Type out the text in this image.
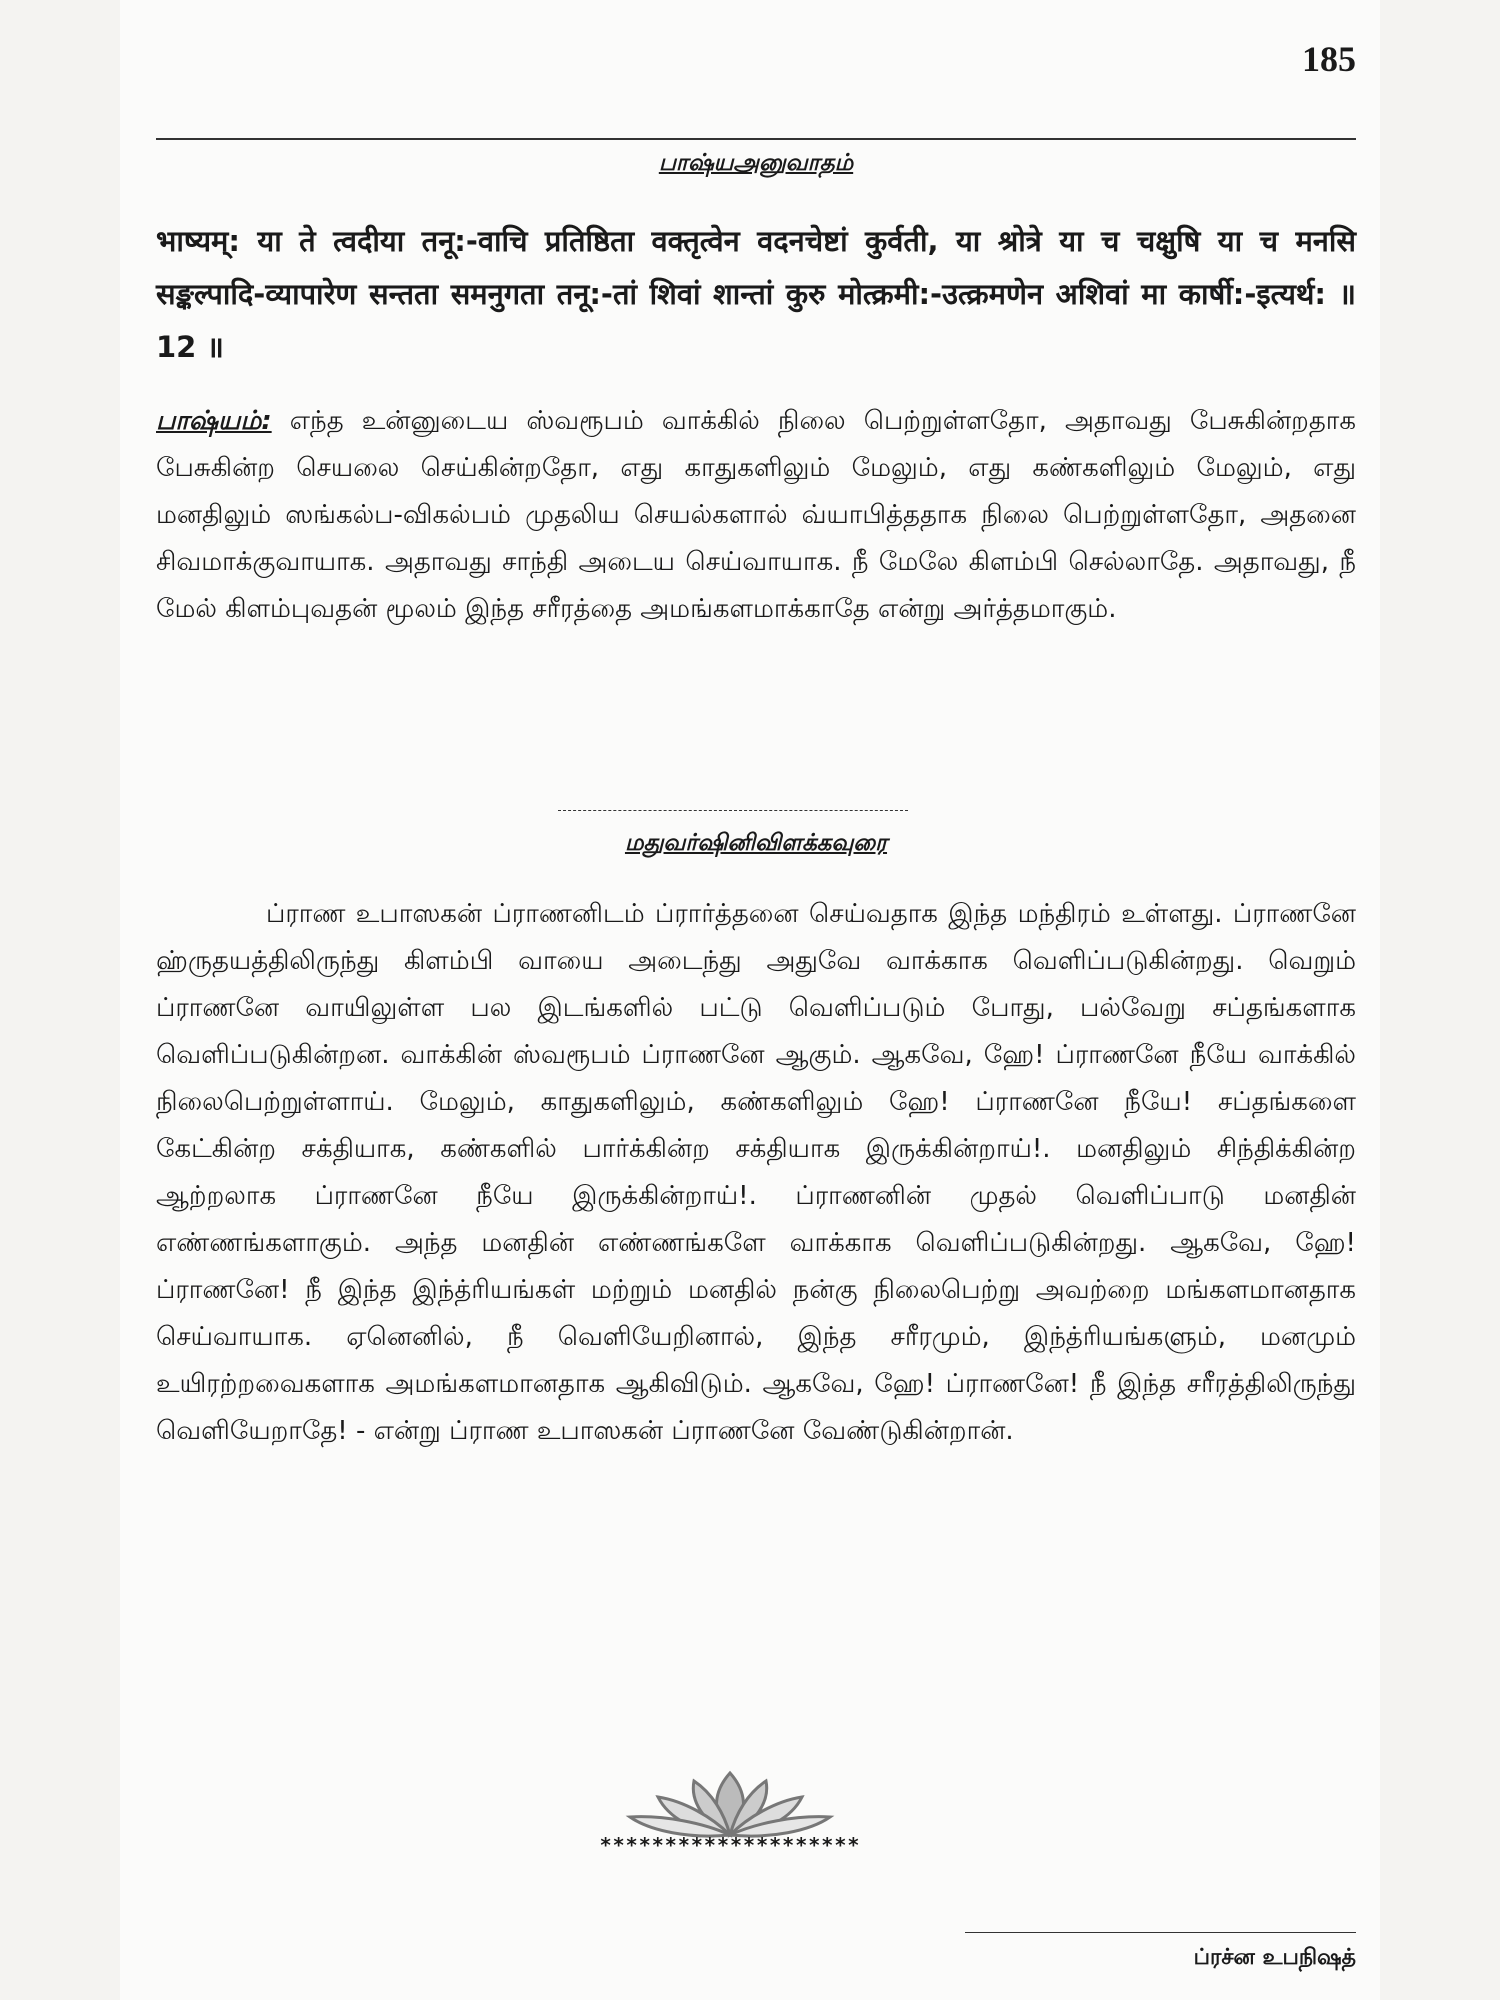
185
பாஷ்யஅனுவாதம்
भाष्यम्: या ते त्वदीया तनू:-वाचि प्रतिष्ठिता वक्तृत्वेन वदनचेष्टां कुर्वती, या श्रोत्रे या च चक्षुषि या च मनसि सङ्कल्पादि-व्यापारेण सन्तता समनुगता तनू:-तां शिवां शान्तां कुरु मोत्क्रमी:-उत्क्रमणेन अशिवां मा कार्षी:-इत्यर्थ: ॥ 12 ॥
பாஷ்யம்: எந்த உன்னுடைய ஸ்வரூபம் வாக்கில் நிலை பெற்றுள்ளதோ, அதாவது பேசுகின்றதாக பேசுகின்ற செயலை செய்கின்றதோ, எது காதுகளிலும் மேலும், எது கண்களிலும் மேலும், எது மனதிலும் ஸங்கல்ப-விகல்பம் முதலிய செயல்களால் வ்யாபித்ததாக நிலை பெற்றுள்ளதோ, அதனை சிவமாக்குவாயாக. அதாவது சாந்தி அடைய செய்வாயாக. நீ மேலே கிளம்பி செல்லாதே. அதாவது, நீ மேல் கிளம்புவதன் மூலம் இந்த சரீரத்தை அமங்களமாக்காதே என்று அர்த்தமாகும்.
மதுவர்ஷினிவிளக்கவுரை
ப்ராண உபாஸகன் ப்ராணனிடம் ப்ரார்த்தனை செய்வதாக இந்த மந்திரம் உள்ளது. ப்ராணனே ஹ்ருதயத்திலிருந்து கிளம்பி வாயை அடைந்து அதுவே வாக்காக வெளிப்படுகின்றது. வெறும் ப்ராணனே வாயிலுள்ள பல இடங்களில் பட்டு வெளிப்படும் போது, பல்வேறு சப்தங்களாக வெளிப்படுகின்றன. வாக்கின் ஸ்வரூபம் ப்ராணனே ஆகும். ஆகவே, ஹே! ப்ராணனே நீயே வாக்கில் நிலைபெற்றுள்ளாய். மேலும், காதுகளிலும், கண்களிலும் ஹே! ப்ராணனே நீயே! சப்தங்களை கேட்கின்ற சக்தியாக, கண்களில் பார்க்கின்ற சக்தியாக இருக்கின்றாய்!. மனதிலும் சிந்திக்கின்ற ஆற்றலாக ப்ராணனே நீயே இருக்கின்றாய்!. ப்ராணனின் முதல் வெளிப்பாடு மனதின் எண்ணங்களாகும். அந்த மனதின் எண்ணங்களே வாக்காக வெளிப்படுகின்றது. ஆகவே, ஹே! ப்ராணனே! நீ இந்த இந்த்ரியங்கள் மற்றும் மனதில் நன்கு நிலைபெற்று அவற்றை மங்களமானதாக செய்வாயாக. ஏனெனில், நீ வெளியேறினால், இந்த சரீரமும், இந்த்ரியங்களும், மனமும் உயிரற்றவைகளாக அமங்களமானதாக ஆகிவிடும். ஆகவே, ஹே! ப்ராணனே! நீ இந்த சரீரத்திலிருந்து வெளியேறாதே! - என்று ப்ராண உபாஸகன் ப்ராணனே வேண்டுகின்றான்.
********************
ப்ரச்ன உபநிஷத்
